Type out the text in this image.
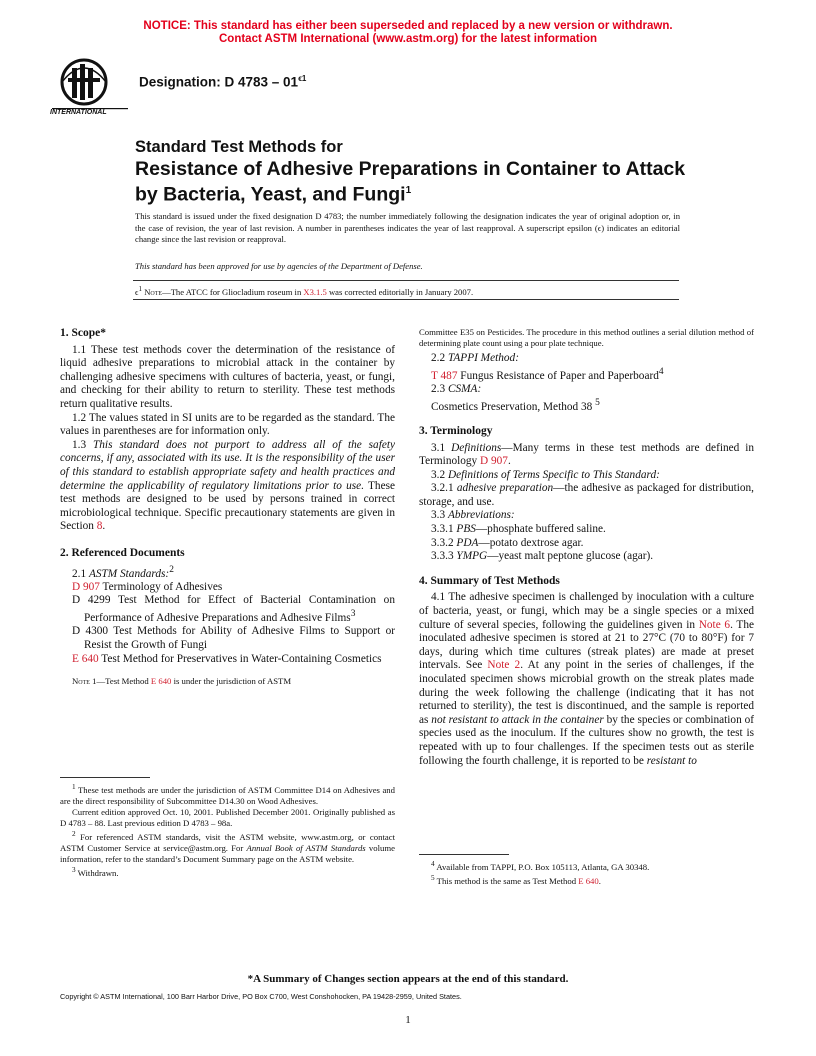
NOTICE: This standard has either been superseded and replaced by a new version or withdrawn.
Contact ASTM International (www.astm.org) for the latest information
INTERNATIONAL
Designation: D $4783 - 01^{\epsilon 1}$
Standard Test Methods for
Resistance of Adhesive Preparations in Container to Attack
by Bacteria, Yeast, and Fungi$^1$
This standard is issued under the fixed designation D 4783; the number immediately following the designation indicates the year of original adoption or, in the case of revision, the year of last revision. A number in parentheses indicates the year of last reapproval. A superscript epsilon (ϵ) indicates an editorial change since the last revision or reapproval.
This standard has been approved for use by agencies of the Department of Defense.
$\epsilon^1$ Note—The ATCC for Gliocladium roseum in X3.1.5 was corrected editorially in January 2007.
1. Scope*

1.1 These test methods cover the determination of the resistance of liquid adhesive preparations to microbial attack in the container by challenging adhesive specimens with cultures of bacteria, yeast, or fungi, and checking for their ability to return to sterility. These test methods return qualitative results.

1.2 The values stated in SI units are to be regarded as the standard. The values in parentheses are for information only.

1.3 This standard does not purport to address all of the safety concerns, if any, associated with its use. It is the responsibility of the user of this standard to establish appropriate safety and health practices and determine the applicability of regulatory limitations prior to use. These test methods are designed to be used by persons trained in correct microbiological technique. Specific precautionary statements are given in Section 8.

2. Referenced Documents

2.1 ASTM Standards:$^2$

D 907 Terminology of Adhesives

D 4299 Test Method for Effect of Bacterial Contamination on Performance of Adhesive Preparations and Adhesive Films$^3$

D 4300 Test Methods for Ability of Adhesive Films to Support or Resist the Growth of Fungi

E 640 Test Method for Preservatives in Water-Containing Cosmetics

Note 1—Test Method E 640 is under the jurisdiction of ASTM

$^1$ These test methods are under the jurisdiction of ASTM Committee D14 on Adhesives and are the direct responsibility of Subcommittee D14.30 on Wood Adhesives.

Current edition approved Oct. 10, 2001. Published December 2001. Originally published as D 4783 – 88. Last previous edition D 4783 – 98a.

$^2$ For referenced ASTM standards, visit the ASTM website, www.astm.org, or contact ASTM Customer Service at service@astm.org. For Annual Book of ASTM Standards volume information, refer to the standard’s Document Summary page on the ASTM website.

$^3$ Withdrawn.

Committee E35 on Pesticides. The procedure in this method outlines a serial dilution method of determining plate count using a pour plate technique.

2.2 TAPPI Method:

T 487 Fungus Resistance of Paper and Paperboard$^4$

2.3 CSMA:

Cosmetics Preservation, Method 38 $^5$

3. Terminology

3.1 Definitions—Many terms in these test methods are defined in Terminology D 907.

3.2 Definitions of Terms Specific to This Standard:

3.2.1 adhesive preparation—the adhesive as packaged for distribution, storage, and use.

3.3 Abbreviations:

3.3.1 PBS—phosphate buffered saline.

3.3.2 PDA—potato dextrose agar.

3.3.3 YMPG—yeast malt peptone glucose (agar).

4. Summary of Test Methods

4.1 The adhesive specimen is challenged by inoculation with a culture of bacteria, yeast, or fungi, which may be a single species or a mixed culture of several species, following the guidelines given in Note 6. The inoculated adhesive specimen is stored at 21 to 27°C (70 to 80°F) for 7 days, during which time cultures (streak plates) are made at preset intervals. See Note 2. At any point in the series of challenges, if the inoculated specimen shows microbial growth on the streak plates made during the week following the challenge (indicating that it has not returned to sterility), the test is discontinued, and the sample is reported as not resistant to attack in the container by the species or combination of species used as the inoculum. If the cultures show no growth, the test is repeated with up to four challenges. If the specimen tests out as sterile following the fourth challenge, it is reported to be resistant to

$^4$ Available from TAPPI, P.O. Box 105113, Atlanta, GA 30348.

$^5$ This method is the same as Test Method E 640.

*A Summary of Changes section appears at the end of this standard.
Copyright © ASTM International, 100 Barr Harbor Drive, PO Box C700, West Conshohocken, PA 19428-2959, United States.
1
